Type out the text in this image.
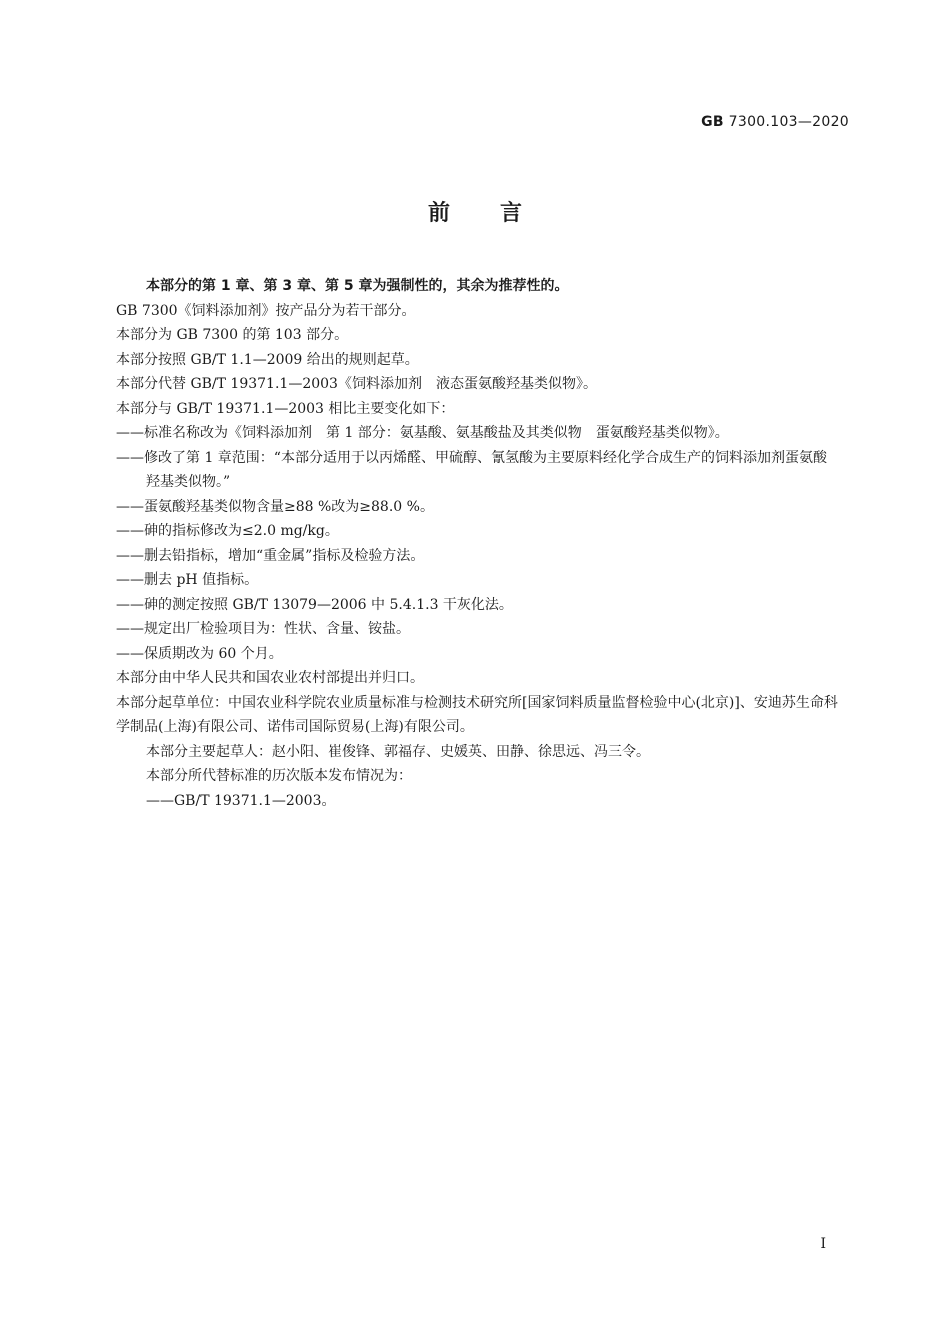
GB 7300.103—2020
前言

本部分的第 1 章、第 3 章、第 5 章为强制性的，其余为推荐性的。

GB 7300《饲料添加剂》按产品分为若干部分。

本部分为 GB 7300 的第 103 部分。

本部分按照 GB/T 1.1—2009 给出的规则起草。

本部分代替 GB/T 19371.1—2003《饲料添加剂　液态蛋氨酸羟基类似物》。

本部分与 GB/T 19371.1—2003 相比主要变化如下：

——标准名称改为《饲料添加剂　第 1 部分：氨基酸、氨基酸盐及其类似物　蛋氨酸羟基类似物》。

——修改了第 1 章范围：“本部分适用于以丙烯醛、甲硫醇、氰氢酸为主要原料经化学合成生产的饲料添加剂蛋氨酸羟基类似物。”

——蛋氨酸羟基类似物含量≥88 %改为≥88.0 %。

——砷的指标修改为≤2.0 mg/kg。

——删去铅指标，增加“重金属”指标及检验方法。

——删去 pH 值指标。

——砷的测定按照 GB/T 13079—2006 中 5.4.1.3 干灰化法。

——规定出厂检验项目为：性状、含量、铵盐。

——保质期改为 60 个月。

本部分由中华人民共和国农业农村部提出并归口。

本部分起草单位：中国农业科学院农业质量标准与检测技术研究所[国家饲料质量监督检验中心(北京)]、安迪苏生命科学制品(上海)有限公司、诺伟司国际贸易(上海)有限公司。

本部分主要起草人：赵小阳、崔俊锋、郭福存、史媛英、田静、徐思远、冯三令。

本部分所代替标准的历次版本发布情况为：

——GB/T 19371.1—2003。

I
